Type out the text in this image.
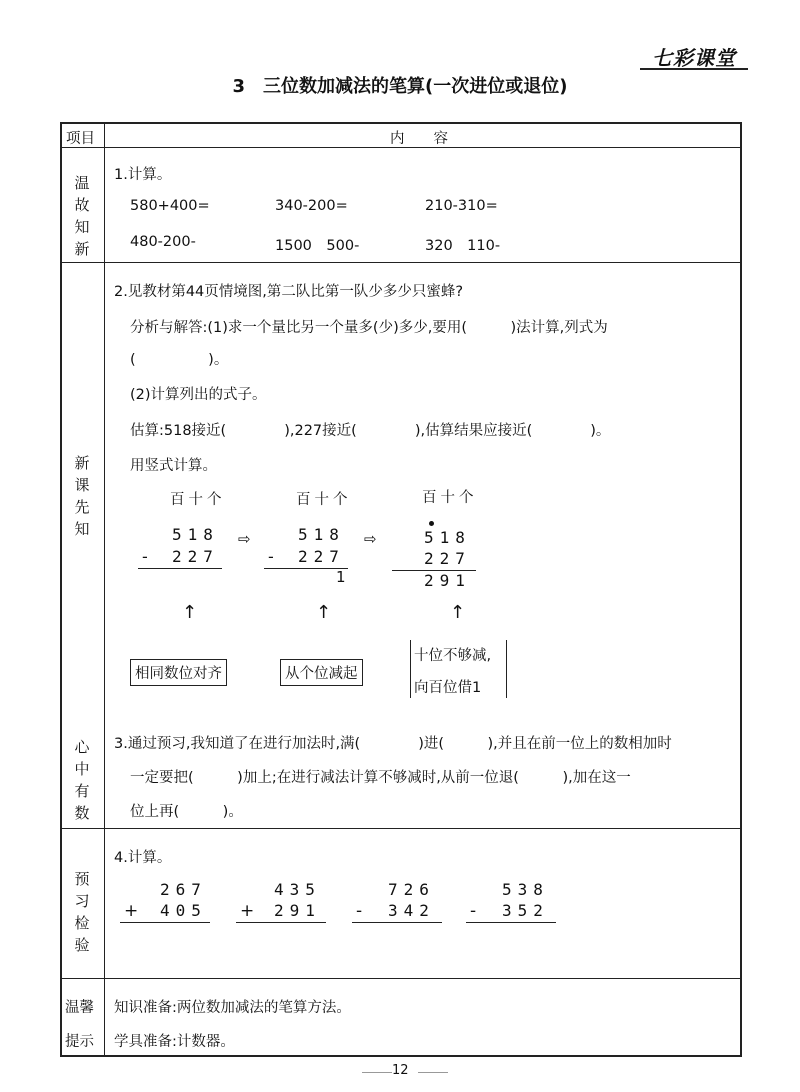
七彩课堂
3　三位数加减法的笔算(一次进位或退位)
项目	内　　容
温故知新
1.计算。
580+400=	340-200=	210-310=
480-200-	1500　500-	320　110-
新课先知
2.见教材第44页情境图,第二队比第一队少多少只蜜蜂?
分析与解答:(1)求一个量比另一个量多(少)多少,要用(　　　)法计算,列式为
(　　　　　)。
(2)计算列出的式子。
估算:518接近(　　　　),227接近(　　　　),估算结果应接近(　　　　)。
用竖式计算。
百十个	百十个	百十个
518
- 227
⇨	518
- 227
1
⇨	518
227
291
↑	↑	↑
相同数位对齐	从个位减起
十位不够减,
向百位借1
心中有数
3.通过预习,我知道了在进行加法时,满(　　　　)进(　　　),并且在前一位上的数相加时
一定要把(　　　)加上;在进行减法计算不够减时,从前一位退(　　　),加在这一
位上再(　　　)。
预习检验
4.计算。
267
+ 405
435
+ 291
726
- 342
538
- 352
温馨
提示
知识准备:两位数加减法的笔算方法。
学具准备:计数器。
12
